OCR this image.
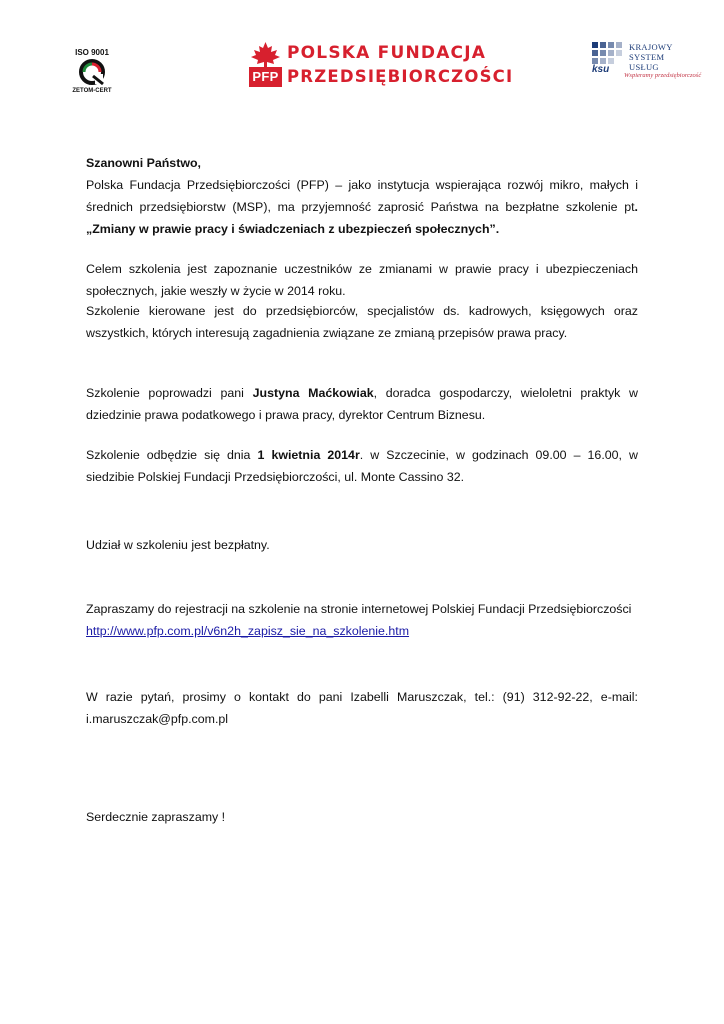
ISO 9001
ZETOM-CERT
PFP
POLSKA FUNDACJA
PRZEDSIĘBIORCZOŚCI	ksu
KRAJOWY
SYSTEM
USŁUG
Wspieramy przedsiębiorczość

Szanowni Państwo,

Polska Fundacja Przedsiębiorczości (PFP) – jako instytucja wspierająca rozwój mikro, małych i średnich przedsiębiorstw (MSP), ma przyjemność zaprosić Państwa na bezpłatne szkolenie pt. „Zmiany w prawie pracy i świadczeniach z ubezpieczeń społecznych”.

Celem szkolenia jest zapoznanie uczestników ze zmianami w prawie pracy i ubezpieczeniach społecznych, jakie weszły w życie w 2014 roku.

Szkolenie kierowane jest do przedsiębiorców, specjalistów ds. kadrowych, księgowych oraz wszystkich, których interesują zagadnienia związane ze zmianą przepisów prawa pracy.

Szkolenie poprowadzi pani Justyna Maćkowiak, doradca gospodarczy, wieloletni praktyk w dziedzinie prawa podatkowego i prawa pracy, dyrektor Centrum Biznesu.

Szkolenie odbędzie się dnia 1 kwietnia 2014r. w Szczecinie, w godzinach 09.00 – 16.00, w siedzibie Polskiej Fundacji Przedsiębiorczości, ul. Monte Cassino 32.

Udział w szkoleniu jest bezpłatny.

Zapraszamy do rejestracji na szkolenie na stronie internetowej Polskiej Fundacji Przedsiębiorczości
http://www.pfp.com.pl/v6n2h_zapisz_sie_na_szkolenie.htm

W razie pytań, prosimy o kontakt do pani Izabelli Maruszczak, tel.: (91) 312-92-22, e-mail: i.maruszczak@pfp.com.pl

Serdecznie zapraszamy !
